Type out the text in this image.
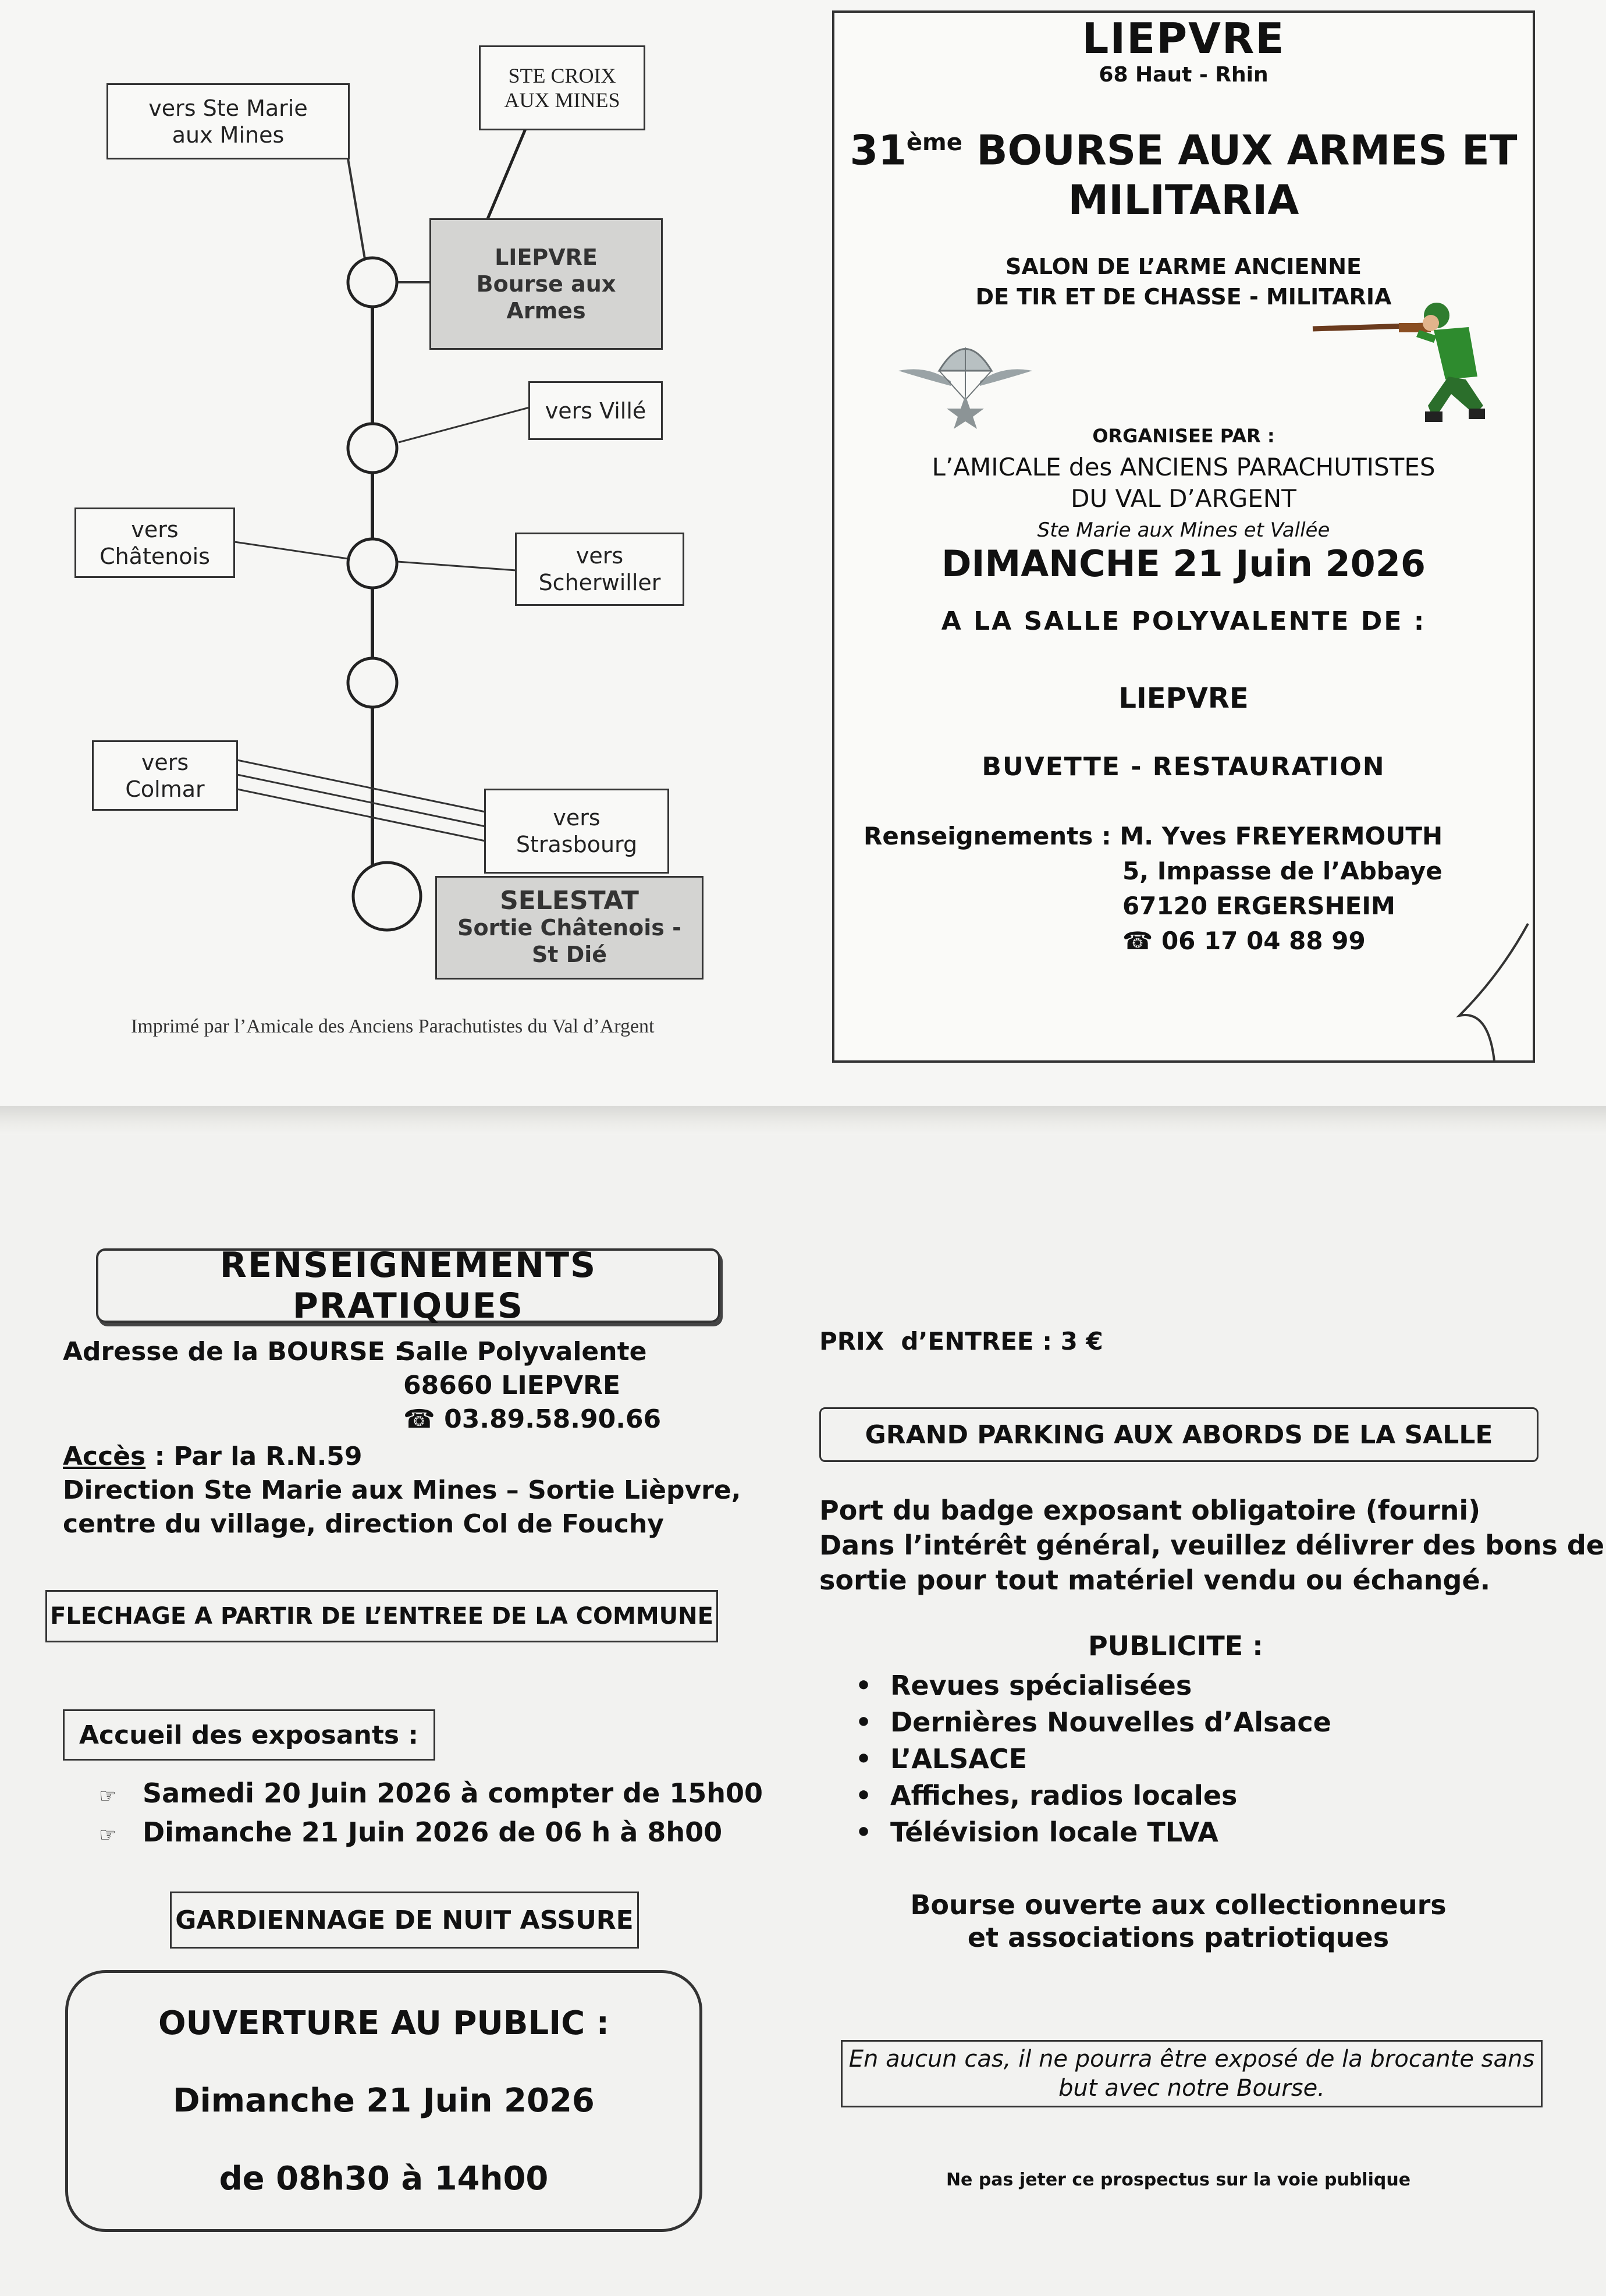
vers Ste Marie
aux Mines
STE CROIX
AUX MINES
LIEPVRE
Bourse aux
Armes
vers Villé
vers
Châtenois	vers
Scherwiller
vers
Colmar
vers
Strasbourg
SELESTAT
Sortie Châtenois -
St Dié
Imprimé par l’Amicale des Anciens Parachutistes du Val d’Argent
LIEPVRE
68 Haut - Rhin
31ème BOURSE AUX ARMES ET
MILITARIA
SALON DE L’ARME ANCIENNE
DE TIR ET DE CHASSE - MILITARIA
ORGANISEE PAR :
L’AMICALE des ANCIENS PARACHUTISTES
DU VAL D’ARGENT
Ste Marie aux Mines et Vallée
DIMANCHE 21 Juin 2026
A LA SALLE POLYVALENTE DE :
LIEPVRE
BUVETTE - RESTAURATION
Renseignements : M. Yves FREYERMOUTH
5, Impasse de l’Abbaye
67120 ERGERSHEIM
☎ 06 17 04 88 99
RENSEIGNEMENTS PRATIQUES
Adresse de la BOURSE :
Salle Polyvalente
68660 LIEPVRE
☎ 03.89.58.90.66
Accès : Par la R.N.59
Direction Ste Marie aux Mines – Sortie Lièpvre,
centre du village, direction Col de Fouchy
FLECHAGE A PARTIR DE L’ENTREE DE LA COMMUNE
Accueil des exposants :
☞ Samedi 20 Juin 2026 à compter de 15h00
☞ Dimanche 21 Juin 2026 de 06 h à 8h00
GARDIENNAGE DE NUIT ASSURE
OUVERTURE AU PUBLIC :
Dimanche 21 Juin 2026
de 08h30 à 14h00
PRIX  d’ENTREE : 3 €
GRAND PARKING AUX ABORDS DE LA SALLE
Port du badge exposant obligatoire (fourni)
Dans l’intérêt général, veuillez délivrer des bons de
sortie pour tout matériel vendu ou échangé.
PUBLICITE :
• Revues spécialisées
• Dernières Nouvelles d’Alsace
• L’ALSACE
• Affiches, radios locales
• Télévision locale TLVA
Bourse ouverte aux collectionneurs
et associations patriotiques
En aucun cas, il ne pourra être exposé de la brocante sans
but avec notre Bourse.
Ne pas jeter ce prospectus sur la voie publique
